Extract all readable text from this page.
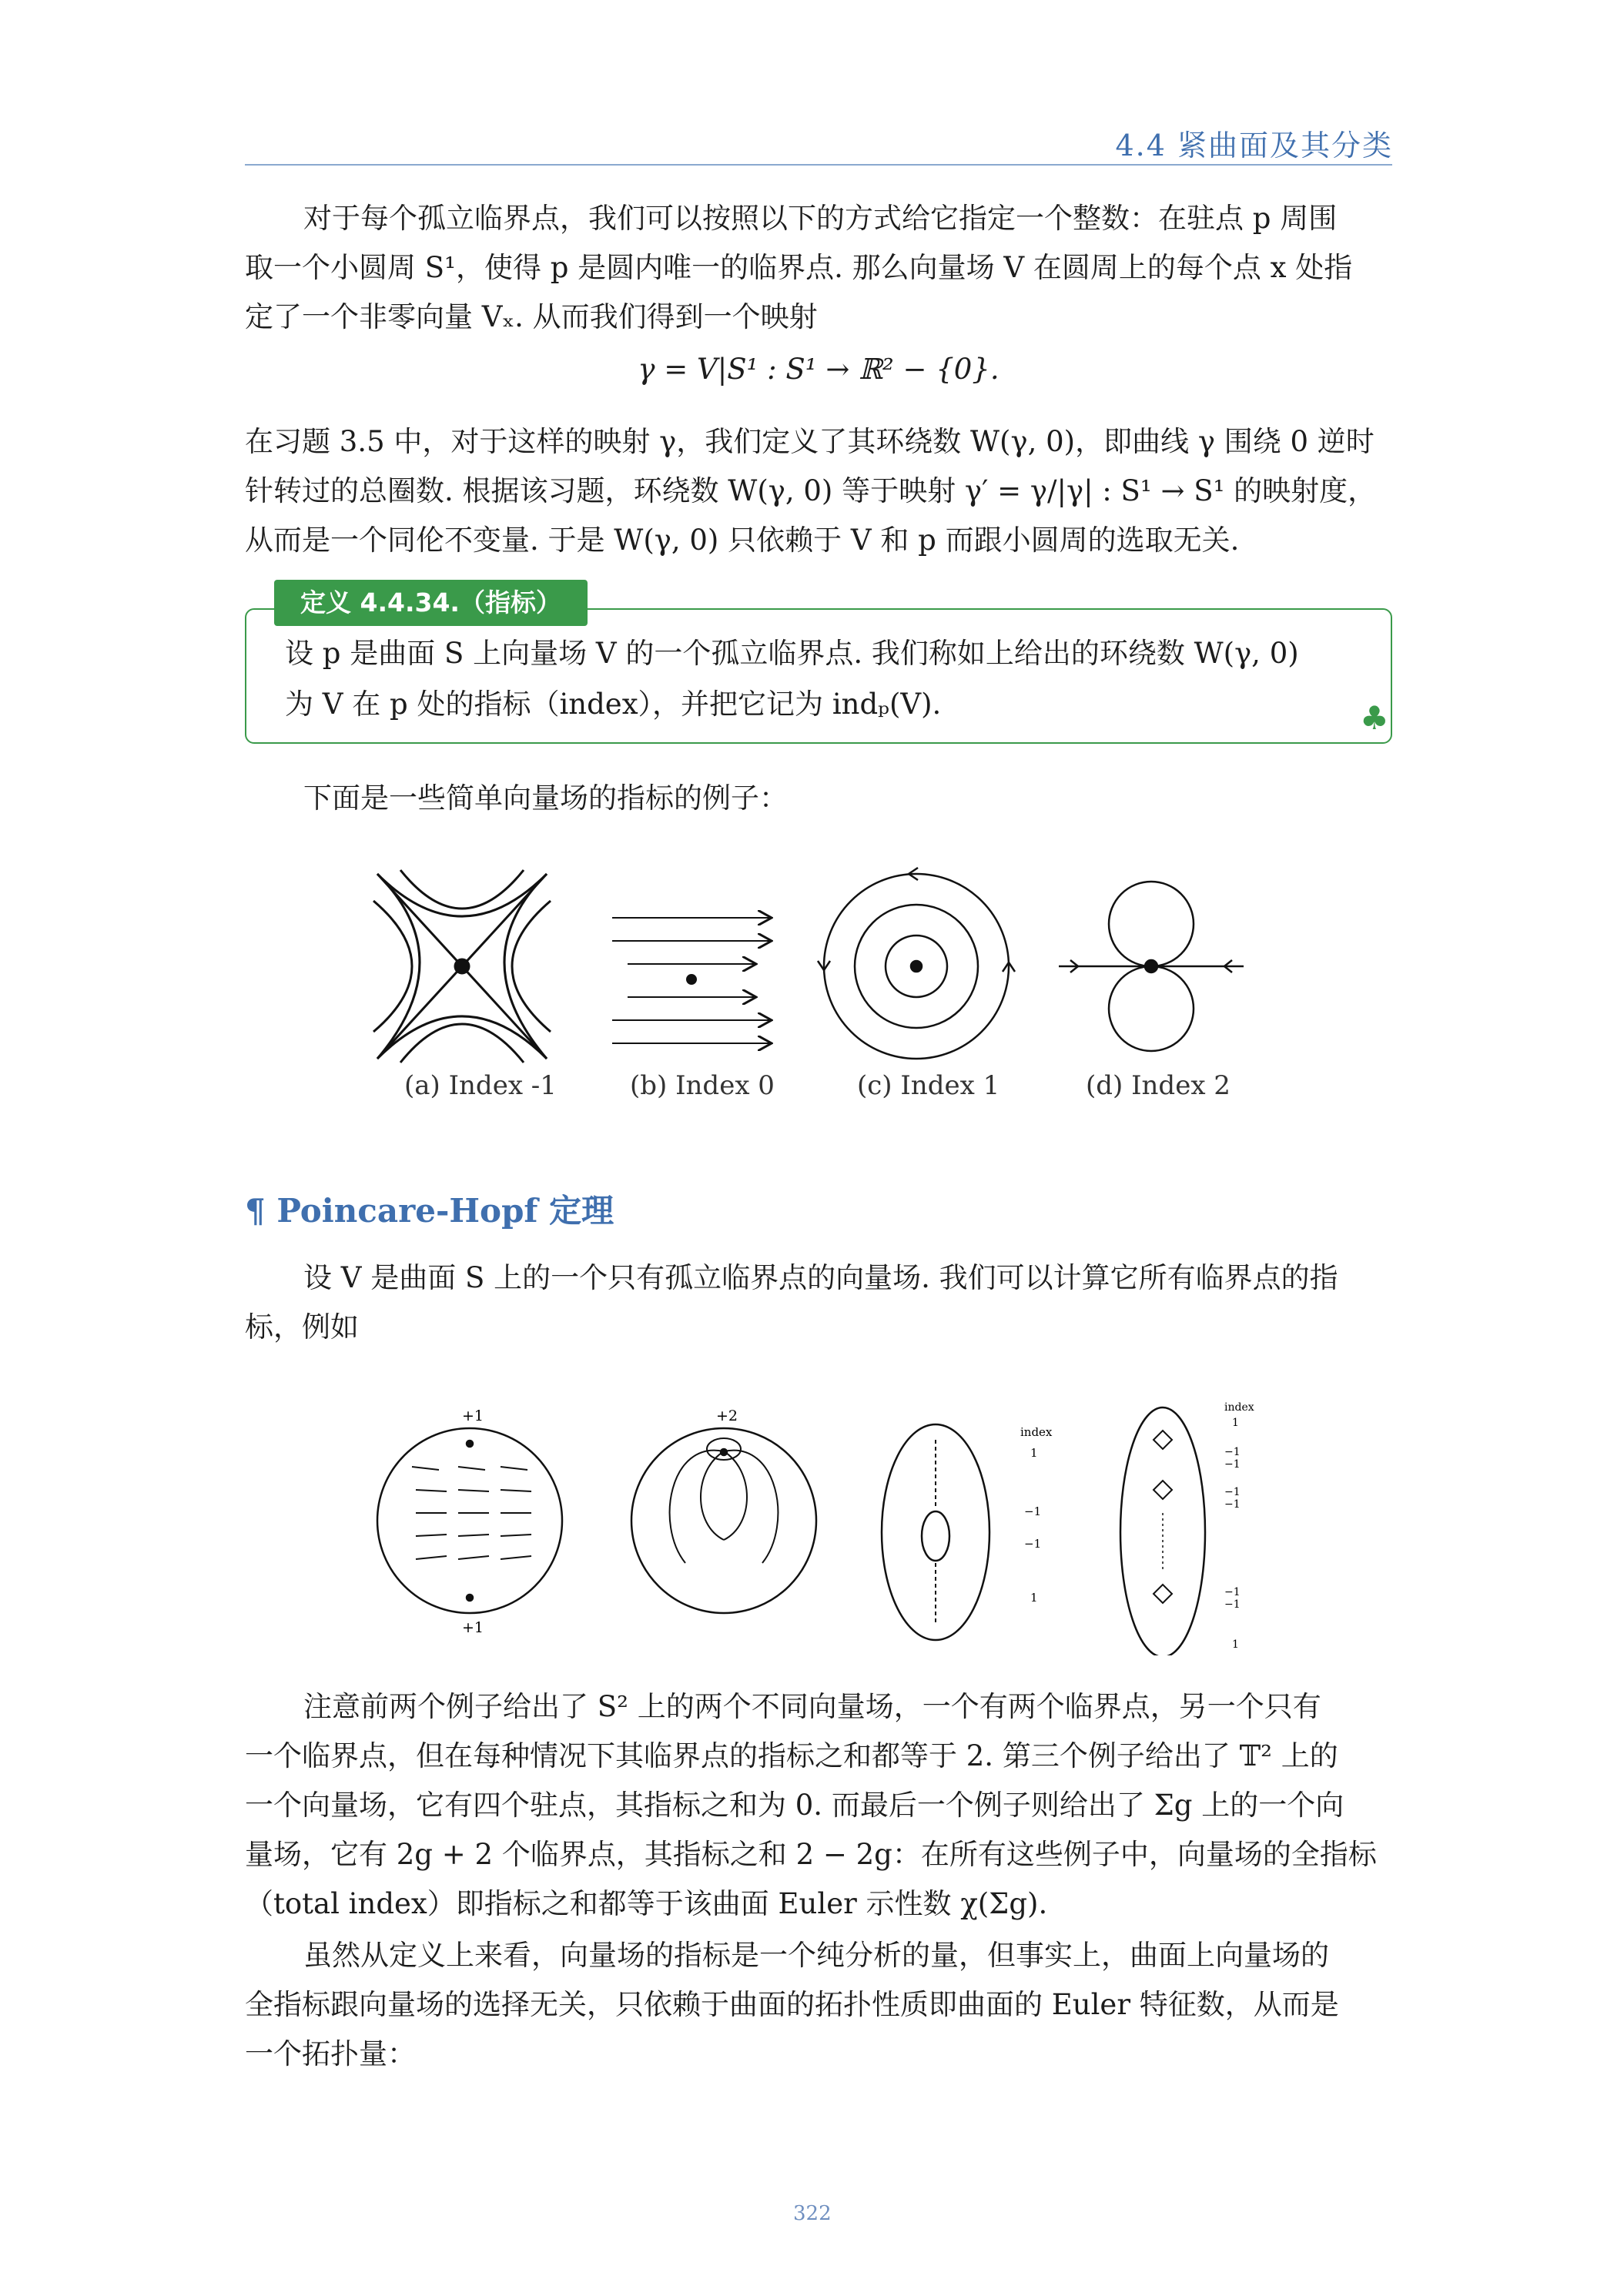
4.4 紧曲面及其分类
对于每个孤立临界点，我们可以按照以下的方式给它指定一个整数：在驻点 p 周围
取一个小圆周 S¹，使得 p 是圆内唯一的临界点. 那么向量场 V 在圆周上的每个点 x 处指
定了一个非零向量 Vₓ. 从而我们得到一个映射
γ = V|S¹ : S¹ → ℝ² − {0}.
在习题 3.5 中，对于这样的映射 γ，我们定义了其环绕数 W(γ, 0)，即曲线 γ 围绕 0 逆时
针转过的总圈数. 根据该习题，环绕数 W(γ, 0) 等于映射 γ′ = γ/|γ| : S¹ → S¹ 的映射度，
从而是一个同伦不变量. 于是 W(γ, 0) 只依赖于 V 和 p 而跟小圆周的选取无关.
定义 4.4.34.（指标）
设 p 是曲面 S 上向量场 V 的一个孤立临界点. 我们称如上给出的环绕数 W(γ, 0)
为 V 在 p 处的指标（index），并把它记为 indₚ(V).	♣
下面是一些简单向量场的指标的例子：
(a) Index -1	(b) Index 0	(c) Index 1	(d) Index 2
¶ Poincare-Hopf 定理
设 V 是曲面 S 上的一个只有孤立临界点的向量场. 我们可以计算它所有临界点的指
标，例如
+1
+1
+2
index
1
−1
−1
1
index
1
−1
−1
−1
−1
−1
−1
1
注意前两个例子给出了 S² 上的两个不同向量场，一个有两个临界点，另一个只有
一个临界点，但在每种情况下其临界点的指标之和都等于 2. 第三个例子给出了 𝕋² 上的
一个向量场，它有四个驻点，其指标之和为 0. 而最后一个例子则给出了 Σg 上的一个向
量场，它有 2g + 2 个临界点，其指标之和 2 − 2g：在所有这些例子中，向量场的全指标
（total index）即指标之和都等于该曲面 Euler 示性数 χ(Σg).
虽然从定义上来看，向量场的指标是一个纯分析的量，但事实上，曲面上向量场的
全指标跟向量场的选择无关，只依赖于曲面的拓扑性质即曲面的 Euler 特征数，从而是
一个拓扑量：
322
